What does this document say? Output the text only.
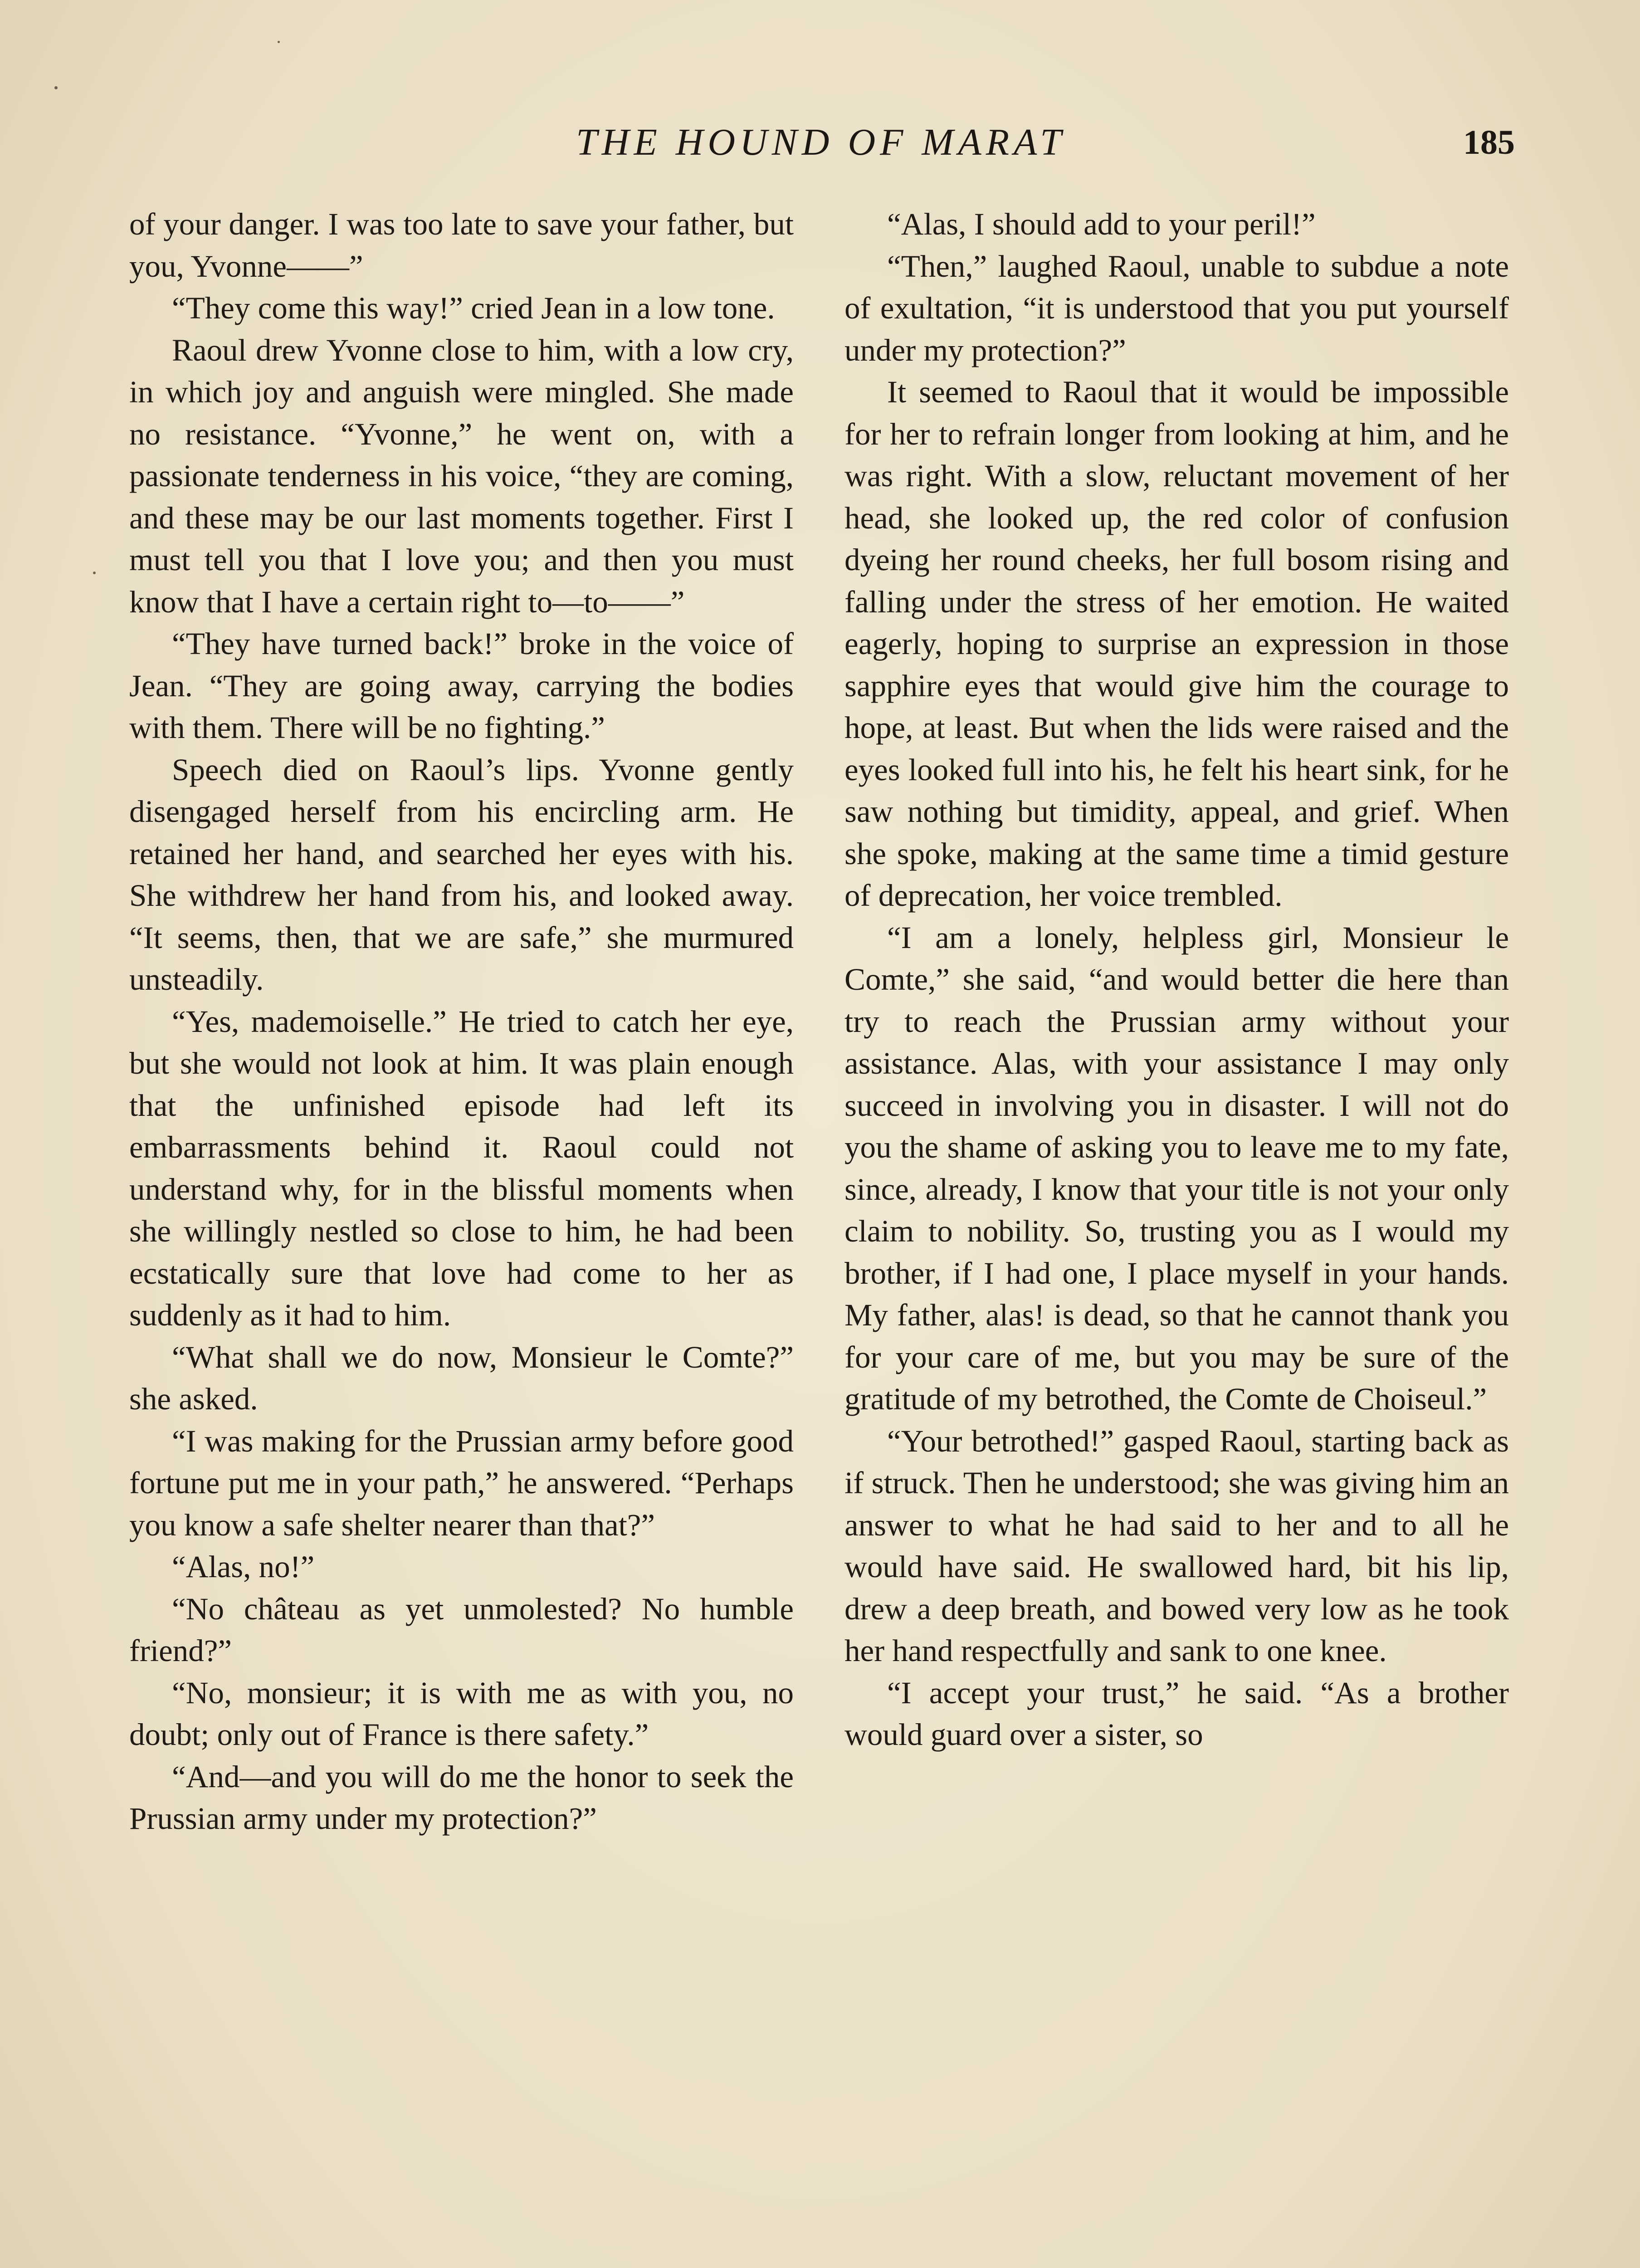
THE HOUND OF MARAT	185

of your danger. I was too late to save your father, but you, Yvonne——”

“They come this way!” cried Jean in a low tone.

Raoul drew Yvonne close to him, with a low cry, in which joy and anguish were mingled. She made no resistance. “Yvonne,” he went on, with a passionate tenderness in his voice, “they are coming, and these may be our last moments together. First I must tell you that I love you; and then you must know that I have a certain right to—to——”

“They have turned back!” broke in the voice of Jean. “They are going away, carrying the bodies with them. There will be no fighting.”

Speech died on Raoul’s lips. Yvonne gently disengaged herself from his encircling arm. He retained her hand, and searched her eyes with his. She withdrew her hand from his, and looked away. “It seems, then, that we are safe,” she murmured unsteadily.

“Yes, mademoiselle.” He tried to catch her eye, but she would not look at him. It was plain enough that the unfinished episode had left its embarrassments behind it. Raoul could not understand why, for in the blissful moments when she willingly nestled so close to him, he had been ecstatically sure that love had come to her as suddenly as it had to him.

“What shall we do now, Monsieur le Comte?” she asked.

“I was making for the Prussian army before good fortune put me in your path,” he answered. “Perhaps you know a safe shelter nearer than that?”

“Alas, no!”

“No château as yet unmolested? No humble friend?”

“No, monsieur; it is with me as with you, no doubt; only out of France is there safety.”

“And—and you will do me the honor to seek the Prussian army under my protection?”

“Alas, I should add to your peril!”

“Then,” laughed Raoul, unable to subdue a note of exultation, “it is understood that you put yourself under my protection?”

It seemed to Raoul that it would be impossible for her to refrain longer from looking at him, and he was right. With a slow, reluctant movement of her head, she looked up, the red color of confusion dyeing her round cheeks, her full bosom rising and falling under the stress of her emotion. He waited eagerly, hoping to surprise an expression in those sapphire eyes that would give him the courage to hope, at least. But when the lids were raised and the eyes looked full into his, he felt his heart sink, for he saw nothing but timidity, appeal, and grief. When she spoke, making at the same time a timid gesture of deprecation, her voice trembled.

“I am a lonely, helpless girl, Monsieur le Comte,” she said, “and would better die here than try to reach the Prussian army without your assistance. Alas, with your assistance I may only succeed in involving you in disaster. I will not do you the shame of asking you to leave me to my fate, since, already, I know that your title is not your only claim to nobility. So, trusting you as I would my brother, if I had one, I place myself in your hands. My father, alas! is dead, so that he cannot thank you for your care of me, but you may be sure of the gratitude of my betrothed, the Comte de Choiseul.”

“Your betrothed!” gasped Raoul, starting back as if struck. Then he understood; she was giving him an answer to what he had said to her and to all he would have said. He swallowed hard, bit his lip, drew a deep breath, and bowed very low as he took her hand respectfully and sank to one knee.

“I accept your trust,” he said. “As a brother would guard over a sister, so
